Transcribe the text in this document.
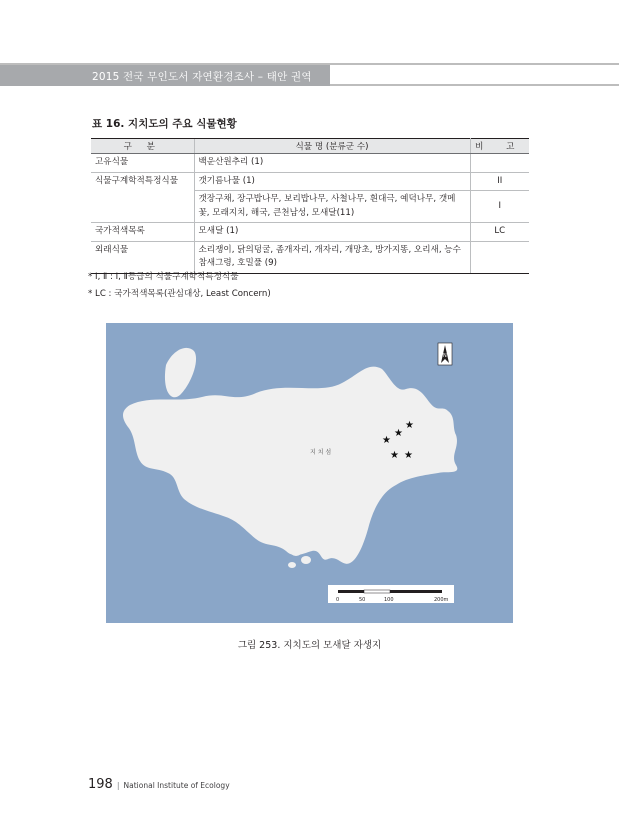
2015 전국 무인도서 자연환경조사 – 태안 권역
표 16. 지치도의 주요 식물현황
구 분	식물 명 (분류군 수)	비 고
고유식물	백운산원추리 (1)	
식물구계학적특정식물	갯기름나물 (1)	II
	갯장구채, 장구밥나무, 보리밥나무, 사철나무, 흰대극, 예덕나무, 갯메꽃, 모래지치, 해국, 큰천남성, 모새달(11)	I
국가적색목록	모새달 (1)	LC
외래식물	소리쟁이, 닭의덩굴, 좀개자리, 개자리, 개망초, 방가지똥, 오리새, 능수참새그령, 호밀풀 (9)	
* Ⅰ, Ⅱ : Ⅰ, Ⅱ등급의 식물구계학적특정식물
* LC : 국가적색목록(관심대상, Least Concern)
지 치 섬
N
★
★
★
★ ★
0	50	100	200m
그림 253. 지치도의 모새달 자생지
198 | National Institute of Ecology
